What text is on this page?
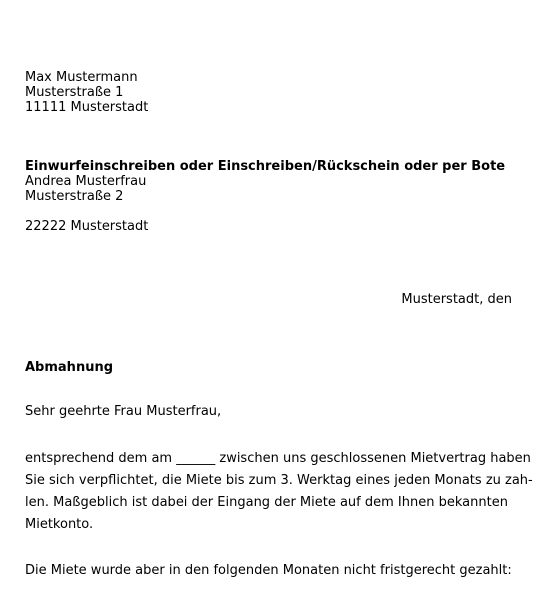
Max Mustermann
Musterstraße 1
11111 Musterstadt
Einwurfeinschreiben oder Einschreiben/Rückschein oder per Bote
Andrea Musterfrau
Musterstraße 2
22222 Musterstadt
Musterstadt, den
Abmahnung
Sehr geehrte Frau Musterfrau,
entsprechend dem am ______ zwischen uns geschlossenen Mietvertrag haben
Sie sich verpflichtet, die Miete bis zum 3. Werktag eines jeden Monats zu zah-
len. Maßgeblich ist dabei der Eingang der Miete auf dem Ihnen bekannten
Mietkonto.
Die Miete wurde aber in den folgenden Monaten nicht fristgerecht gezahlt:
